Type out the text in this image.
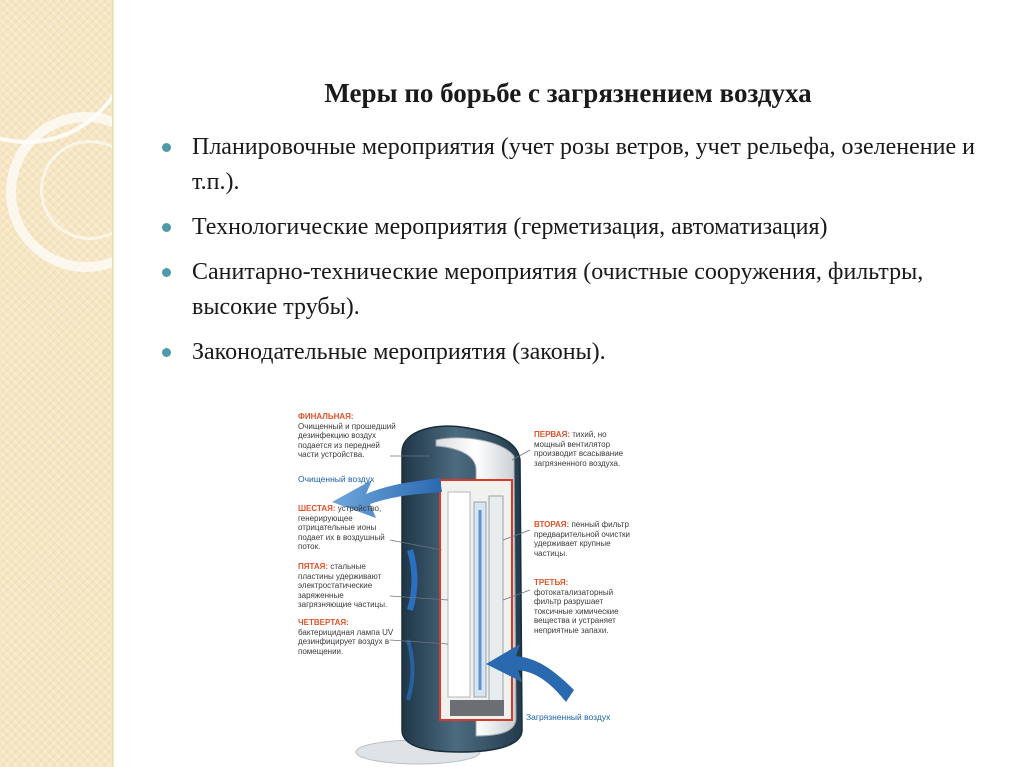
Меры по борьбе с загрязнением воздуха
Планировочные мероприятия (учет розы ветров, учет рельефа, озеленение и т.п.).
Технологические мероприятия (герметизация, автоматизация)
Санитарно-технические мероприятия (очистные сооружения, фильтры, высокие трубы).
Законодательные мероприятия (законы).
ФИНАЛЬНАЯ: Очищенный и прошедший дезинфекцию воздух подается из передней части устройства.
Очищенный воздух
ШЕСТАЯ: устройство, генерирующее отрицательные ионы подает их в воздушный поток.
ПЯТАЯ: стальные пластины удерживают электростатические заряженные загрязняющие частицы.
ЧЕТВЕРТАЯ: бактерицидная лампа UV дезинфицирует воздух в помещении.
ПЕРВАЯ: тихий, но мощный вентилятор производит всасывание загрязненного воздуха.
ВТОРАЯ: пенный фильтр предварительной очистки удерживает крупные частицы.
ТРЕТЬЯ: фотокатализаторный фильтр разрушает токсичные химические вещества и устраняет неприятные запахи.
Загрязненный воздух
